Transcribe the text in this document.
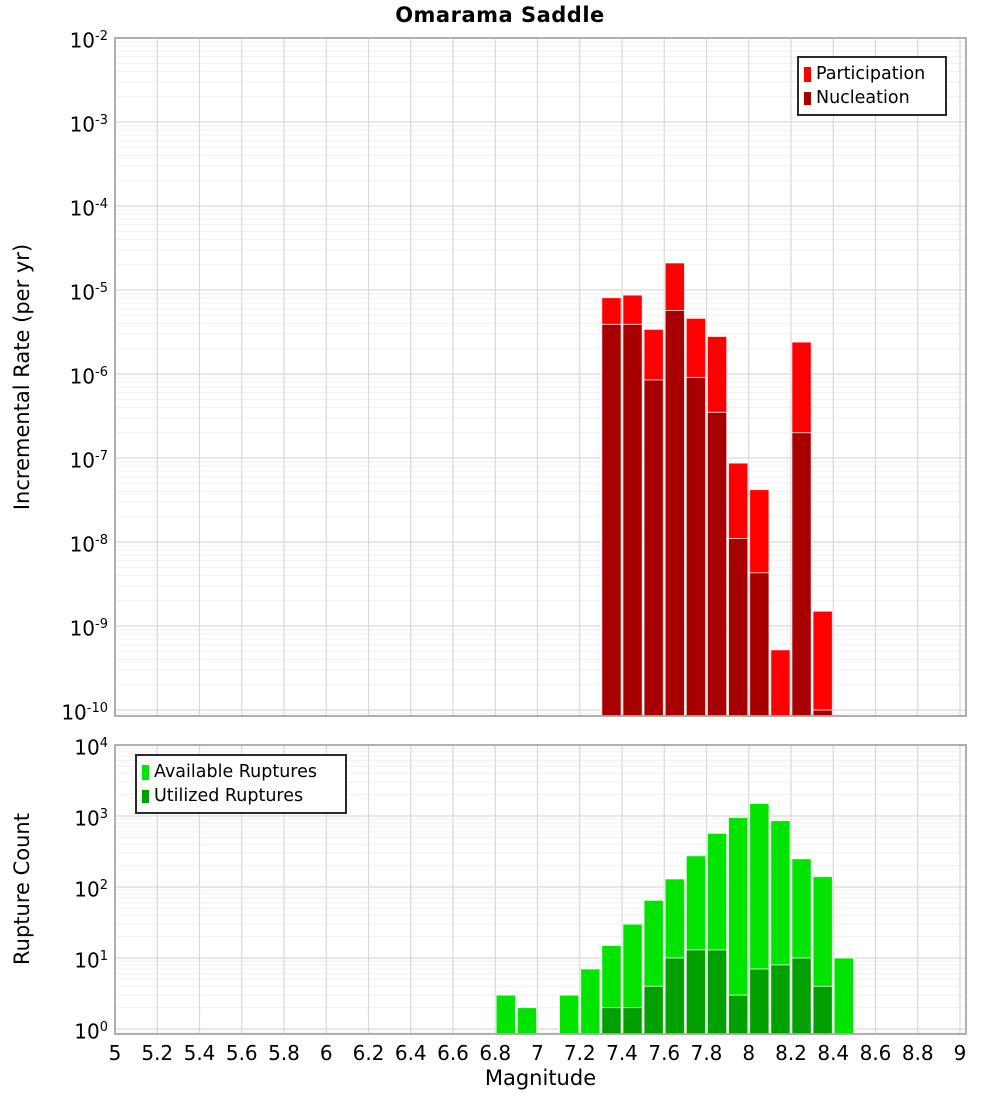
Omarama Saddle
Incremental Rate (per yr)
Rupture Count
Magnitude
Participation
Nucleation
Available Ruptures
Utilized Ruptures
$10^{-2}$
$10^{-3}$
$10^{-4}$
$10^{-5}$
$10^{-6}$
$10^{-7}$
$10^{-8}$
$10^{-9}$
$10^{-10}$
$10^4$
$10^3$
$10^2$
$10^1$
$10^0$
5 5.2 5.4 5.6 5.8 6 6.2 6.4 6.6 6.8 7 7.2 7.4 7.6 7.8 8 8.2 8.4 8.6 8.8 9
